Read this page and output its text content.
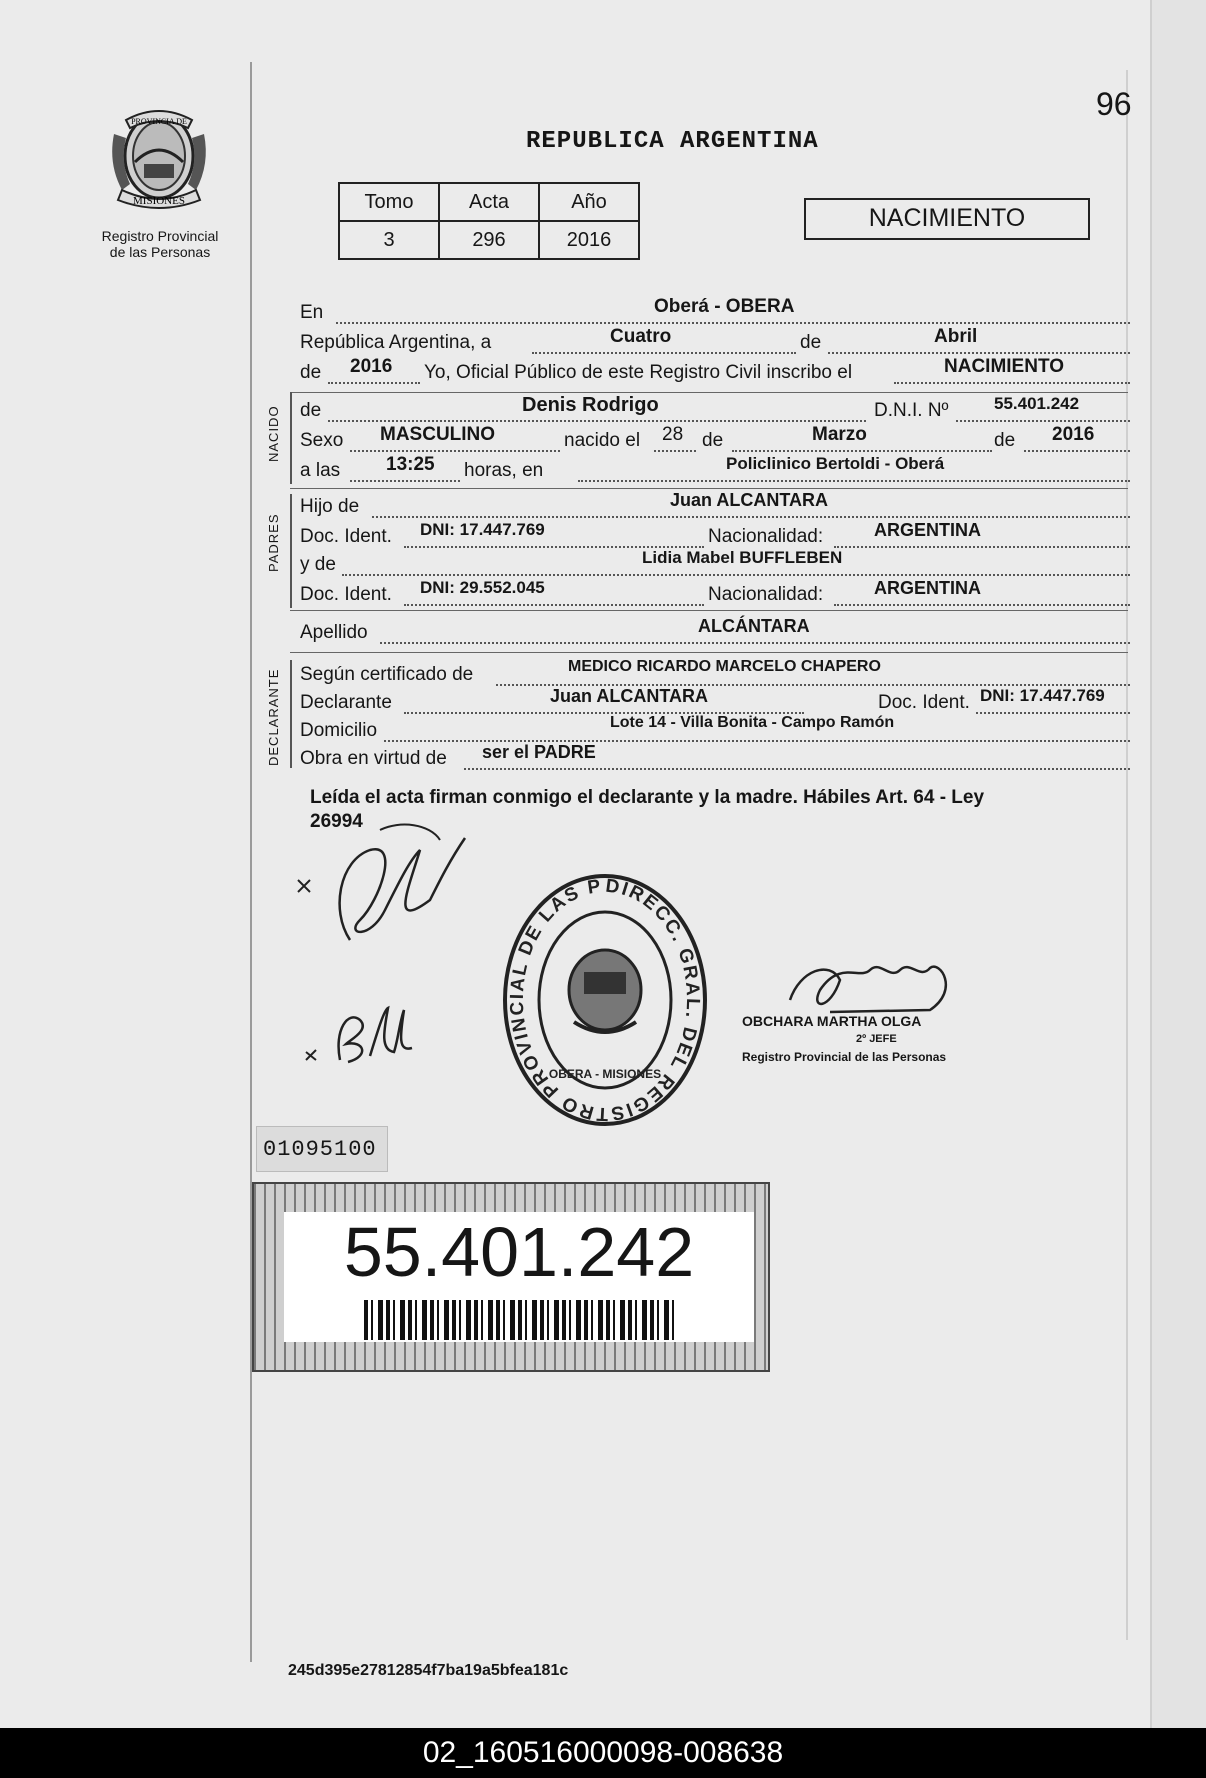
96
PROVINCIA DE
MISIONES
Registro Provincial
de las Personas
REPUBLICA ARGENTINA
Tomo	Acta	Año
3	296	2016
NACIMIENTO
En	Oberá - OBERA
República Argentina, a	Cuatro	de	Abril
de 2016 Yo, Oficial Público de este Registro Civil inscribo el	NACIMIENTO
NACIDO de	Denis Rodrigo	D.N.I. Nº	55.401.242
Sexo MASCULINO	nacido el 28 de	Marzo	de 2016
a las 13:25 horas, en	Policlinico Bertoldi - Oberá
PADRES
Hijo de	Juan ALCANTARA
Doc. Ident. DNI: 17.447.769	Nacionalidad:	ARGENTINA
y de	Lidia Mabel BUFFLEBEN
Doc. Ident. DNI: 29.552.045	Nacionalidad:	ARGENTINA
Apellido	ALCÁNTARA
DECLARANTE Según certificado de	MEDICO RICARDO MARCELO CHAPERO
Declarante	Juan ALCANTARA	Doc. Ident. DNI: 17.447.769
Domicilio	Lote 14 - Villa Bonita - Campo Ramón
Obra en virtud de ser el PADRE
Leída el acta firman conmigo el declarante y la madre. Hábiles Art. 64 - Ley
26994
DIRECC. GRAL. DEL REGISTRO PROVINCIAL DE LAS P
OBERA - MISIONES
OBCHARA MARTHA OLGA
2º JEFE
Registro Provincial de las Personas
01095100
55.401.242
245d395e27812854f7ba19a5bfea181c
02_160516000098-008638
